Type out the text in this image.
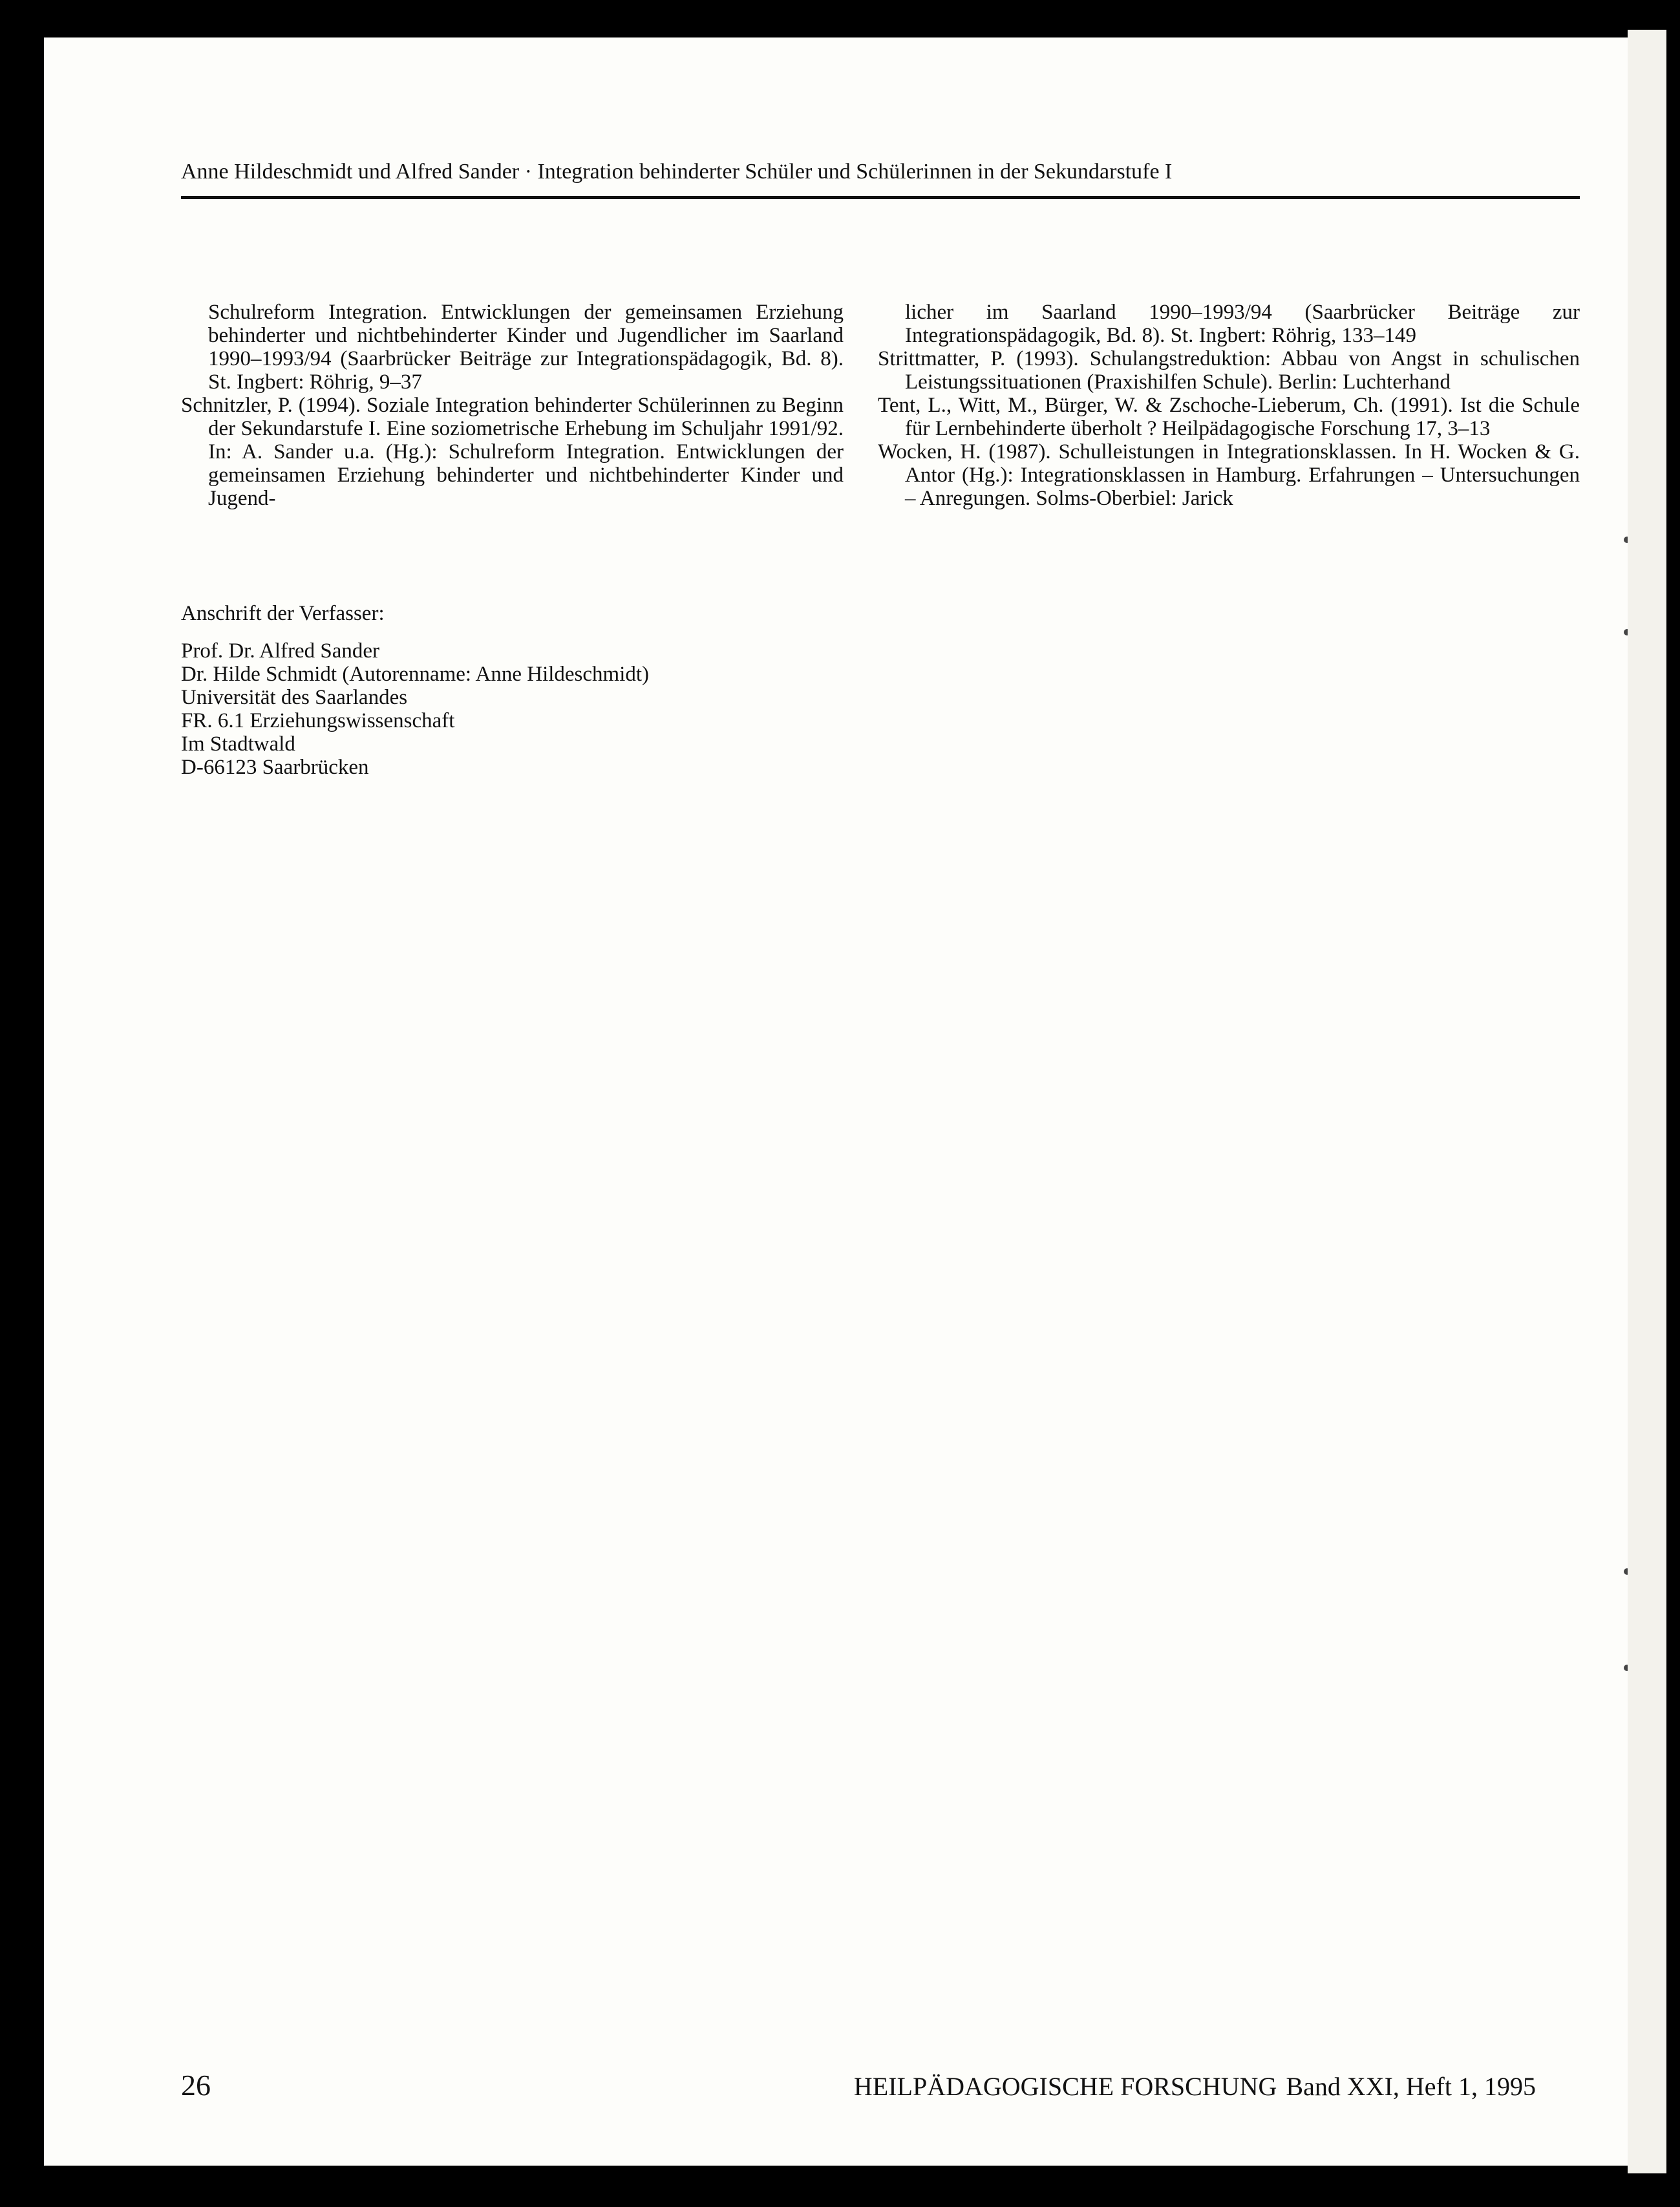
Anne Hildeschmidt und Alfred Sander · Integration behinderter Schüler und Schülerinnen in der Sekundarstufe I

Schulreform Integration. Entwicklungen der gemeinsamen Erziehung behinderter und nichtbehinderter Kinder und Jugendlicher im Saarland 1990–1993/94 (Saarbrücker Beiträge zur Integrationspädagogik, Bd. 8). St. Ingbert: Röhrig, 9–37

Schnitzler, P. (1994). Soziale Integration behinderter Schülerinnen zu Beginn der Sekundarstufe I. Eine soziometrische Erhebung im Schuljahr 1991/92. In: A. Sander u.a. (Hg.): Schulreform Integration. Entwicklungen der gemeinsamen Erziehung behinderter und nichtbehinderter Kinder und Jugend-

licher im Saarland 1990–1993/94 (Saarbrücker Beiträge zur Integrationspädagogik, Bd. 8). St. Ingbert: Röhrig, 133–149

Strittmatter, P. (1993). Schulangstreduktion: Abbau von Angst in schulischen Leistungssituationen (Praxishilfen Schule). Berlin: Luchterhand

Tent, L., Witt, M., Bürger, W. & Zschoche-Lieberum, Ch. (1991). Ist die Schule für Lernbehinderte überholt ? Heilpädagogische Forschung 17, 3–13

Wocken, H. (1987). Schulleistungen in Integrationsklassen. In H. Wocken & G. Antor (Hg.): Integrationsklassen in Hamburg. Erfahrungen – Untersuchungen – Anregungen. Solms-Oberbiel: Jarick

Anschrift der Verfasser:
Prof. Dr. Alfred Sander
Dr. Hilde Schmidt (Autorenname: Anne Hildeschmidt)
Universität des Saarlandes
FR. 6.1 Erziehungswissenschaft
Im Stadtwald
D-66123 Saarbrücken
26	HEILPÄDAGOGISCHE FORSCHUNG Band XXI, Heft 1, 1995
